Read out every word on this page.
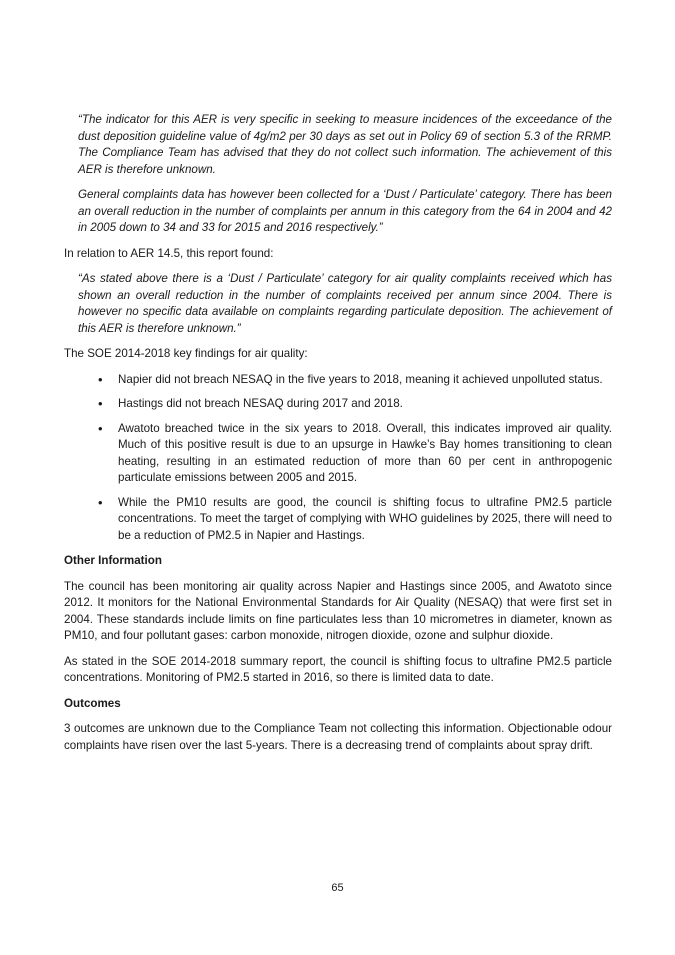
“The indicator for this AER is very specific in seeking to measure incidences of the exceedance of the dust deposition guideline value of 4g/m2 per 30 days as set out in Policy 69 of section 5.3 of the RRMP. The Compliance Team has advised that they do not collect such information. The achievement of this AER is therefore unknown.

General complaints data has however been collected for a ‘Dust / Particulate’ category. There has been an overall reduction in the number of complaints per annum in this category from the 64 in 2004 and 42 in 2005 down to 34 and 33 for 2015 and 2016 respectively.”

In relation to AER 14.5, this report found:

“As stated above there is a ‘Dust / Particulate’ category for air quality complaints received which has shown an overall reduction in the number of complaints received per annum since 2004. There is however no specific data available on complaints regarding particulate deposition. The achievement of this AER is therefore unknown.”

The SOE 2014-2018 key findings for air quality:

• Napier did not breach NESAQ in the five years to 2018, meaning it achieved unpolluted status.
• Hastings did not breach NESAQ during 2017 and 2018.
• Awatoto breached twice in the six years to 2018. Overall, this indicates improved air quality. Much of this positive result is due to an upsurge in Hawke’s Bay homes transitioning to clean heating, resulting in an estimated reduction of more than 60 per cent in anthropogenic particulate emissions between 2005 and 2015.
• While the PM10 results are good, the council is shifting focus to ultrafine PM2.5 particle concentrations. To meet the target of complying with WHO guidelines by 2025, there will need to be a reduction of PM2.5 in Napier and Hastings.

Other Information

The council has been monitoring air quality across Napier and Hastings since 2005, and Awatoto since 2012. It monitors for the National Environmental Standards for Air Quality (NESAQ) that were first set in 2004. These standards include limits on fine particulates less than 10 micrometres in diameter, known as PM10, and four pollutant gases: carbon monoxide, nitrogen dioxide, ozone and sulphur dioxide.

As stated in the SOE 2014-2018 summary report, the council is shifting focus to ultrafine PM2.5 particle concentrations. Monitoring of PM2.5 started in 2016, so there is limited data to date.

Outcomes

3 outcomes are unknown due to the Compliance Team not collecting this information. Objectionable odour complaints have risen over the last 5-years. There is a decreasing trend of complaints about spray drift.

65
